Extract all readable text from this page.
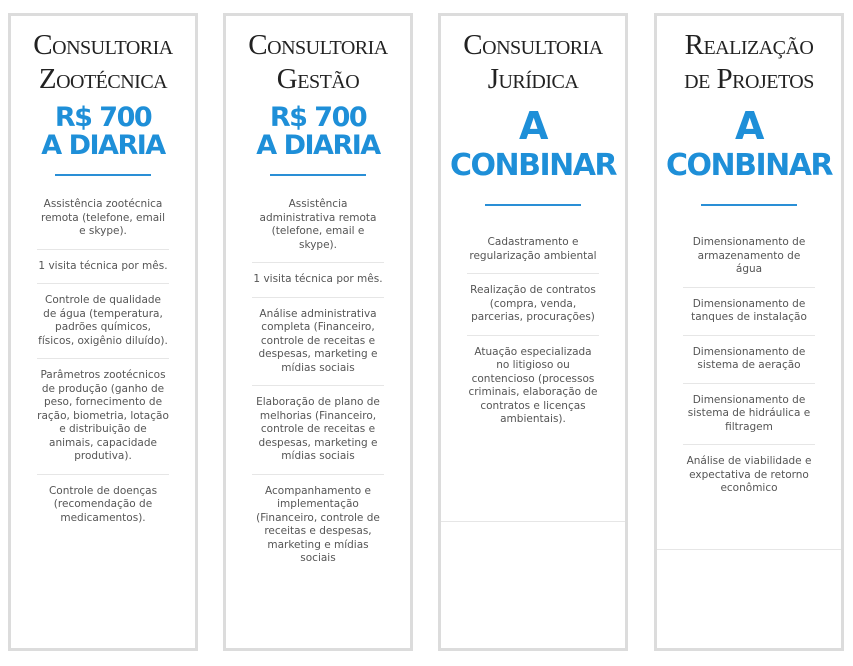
Consultoria
Zootécnica
R$ 700
A DIARIA
Assistência zootécnica remota (telefone, email e skype).
1 visita técnica por mês.
Controle de qualidade de água (temperatura, padrões químicos, físicos, oxigênio diluído).
Parâmetros zootécnicos de produção (ganho de peso, fornecimento de ração, biometria, lotação e distribuição de animais, capacidade produtiva).
Controle de doenças (recomendação de medicamentos).
Consultoria
Gestão
R$ 700
A DIARIA
Assistência administrativa remota (telefone, email e skype).
1 visita técnica por mês.
Análise administrativa completa (Financeiro, controle de receitas e despesas, marketing e mídias sociais
Elaboração de plano de melhorias (Financeiro, controle de receitas e despesas, marketing e mídias sociais
Acompanhamento e implementação (Financeiro, controle de receitas e despesas, marketing e mídias sociais
Consultoria
Jurídica
A
CONBINAR
Cadastramento e regularização ambiental
Realização de contratos (compra, venda, parcerias, procurações)
Atuação especializada no litigioso ou contencioso (processos criminais, elaboração de contratos e licenças ambientais).
Realização
de Projetos
A
CONBINAR
Dimensionamento de armazenamento de água
Dimensionamento de tanques de instalação
Dimensionamento de sistema de aeração
Dimensionamento de sistema de hidráulica e filtragem
Análise de viabilidade e expectativa de retorno econômico
